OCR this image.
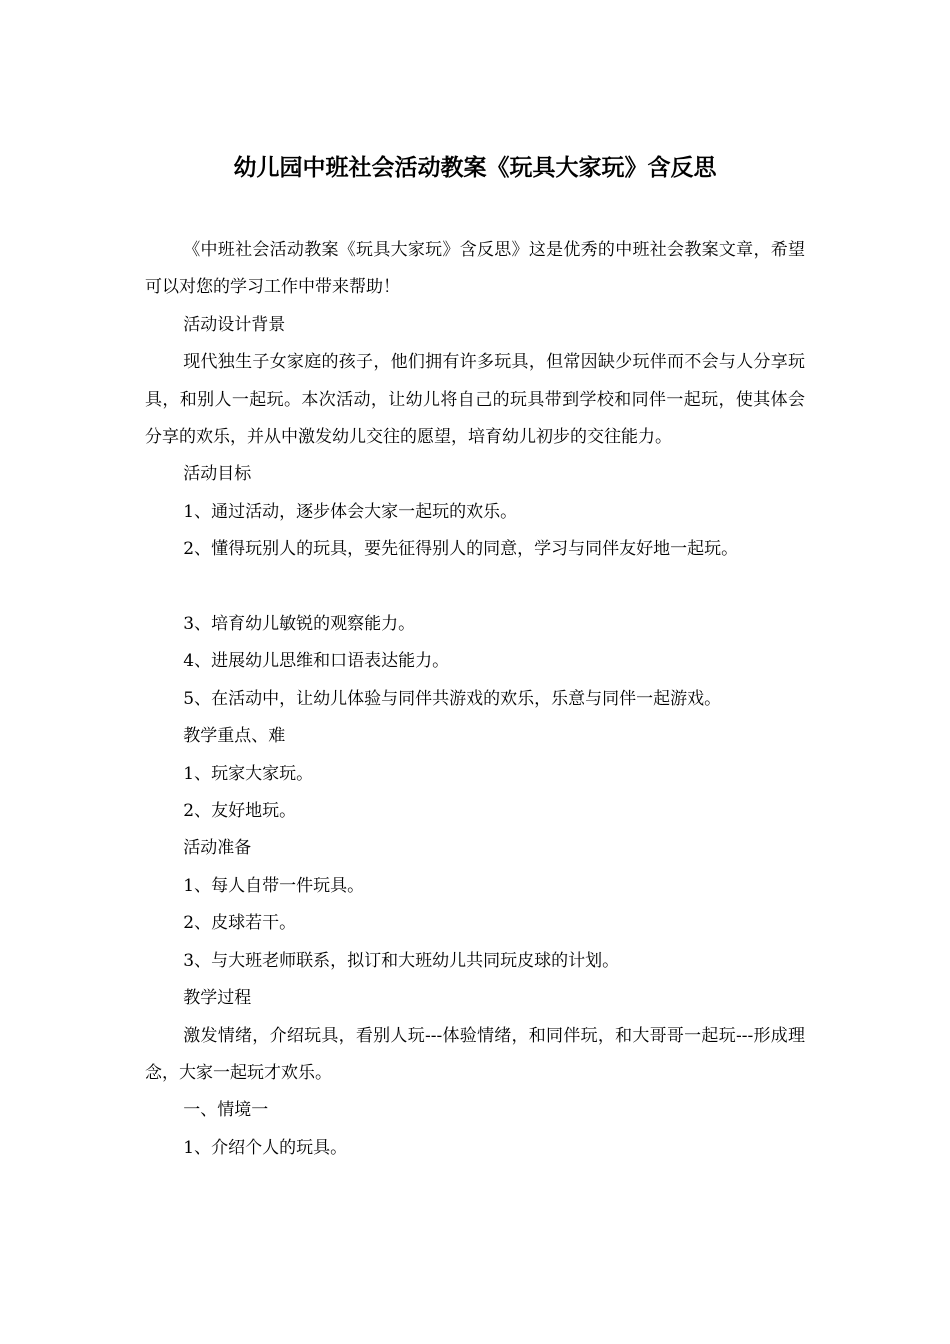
幼儿园中班社会活动教案《玩具大家玩》含反思

《中班社会活动教案《玩具大家玩》含反思》这是优秀的中班社会教案文章，希望可以对您的学习工作中带来帮助！

活动设计背景

现代独生子女家庭的孩子，他们拥有许多玩具，但常因缺少玩伴而不会与人分享玩具，和别人一起玩。本次活动，让幼儿将自己的玩具带到学校和同伴一起玩，使其体会分享的欢乐，并从中激发幼儿交往的愿望，培育幼儿初步的交往能力。

活动目标

1、通过活动，逐步体会大家一起玩的欢乐。

2、懂得玩别人的玩具，要先征得别人的同意，学习与同伴友好地一起玩。

3、培育幼儿敏锐的观察能力。

4、进展幼儿思维和口语表达能力。

5、在活动中，让幼儿体验与同伴共游戏的欢乐，乐意与同伴一起游戏。

教学重点、难

1、玩家大家玩。

2、友好地玩。

活动准备

1、每人自带一件玩具。

2、皮球若干。

3、与大班老师联系，拟订和大班幼儿共同玩皮球的计划。

教学过程

激发情绪，介绍玩具，看别人玩---体验情绪，和同伴玩，和大哥哥一起玩---形成理念，大家一起玩才欢乐。

一、情境一

1、介绍个人的玩具。
